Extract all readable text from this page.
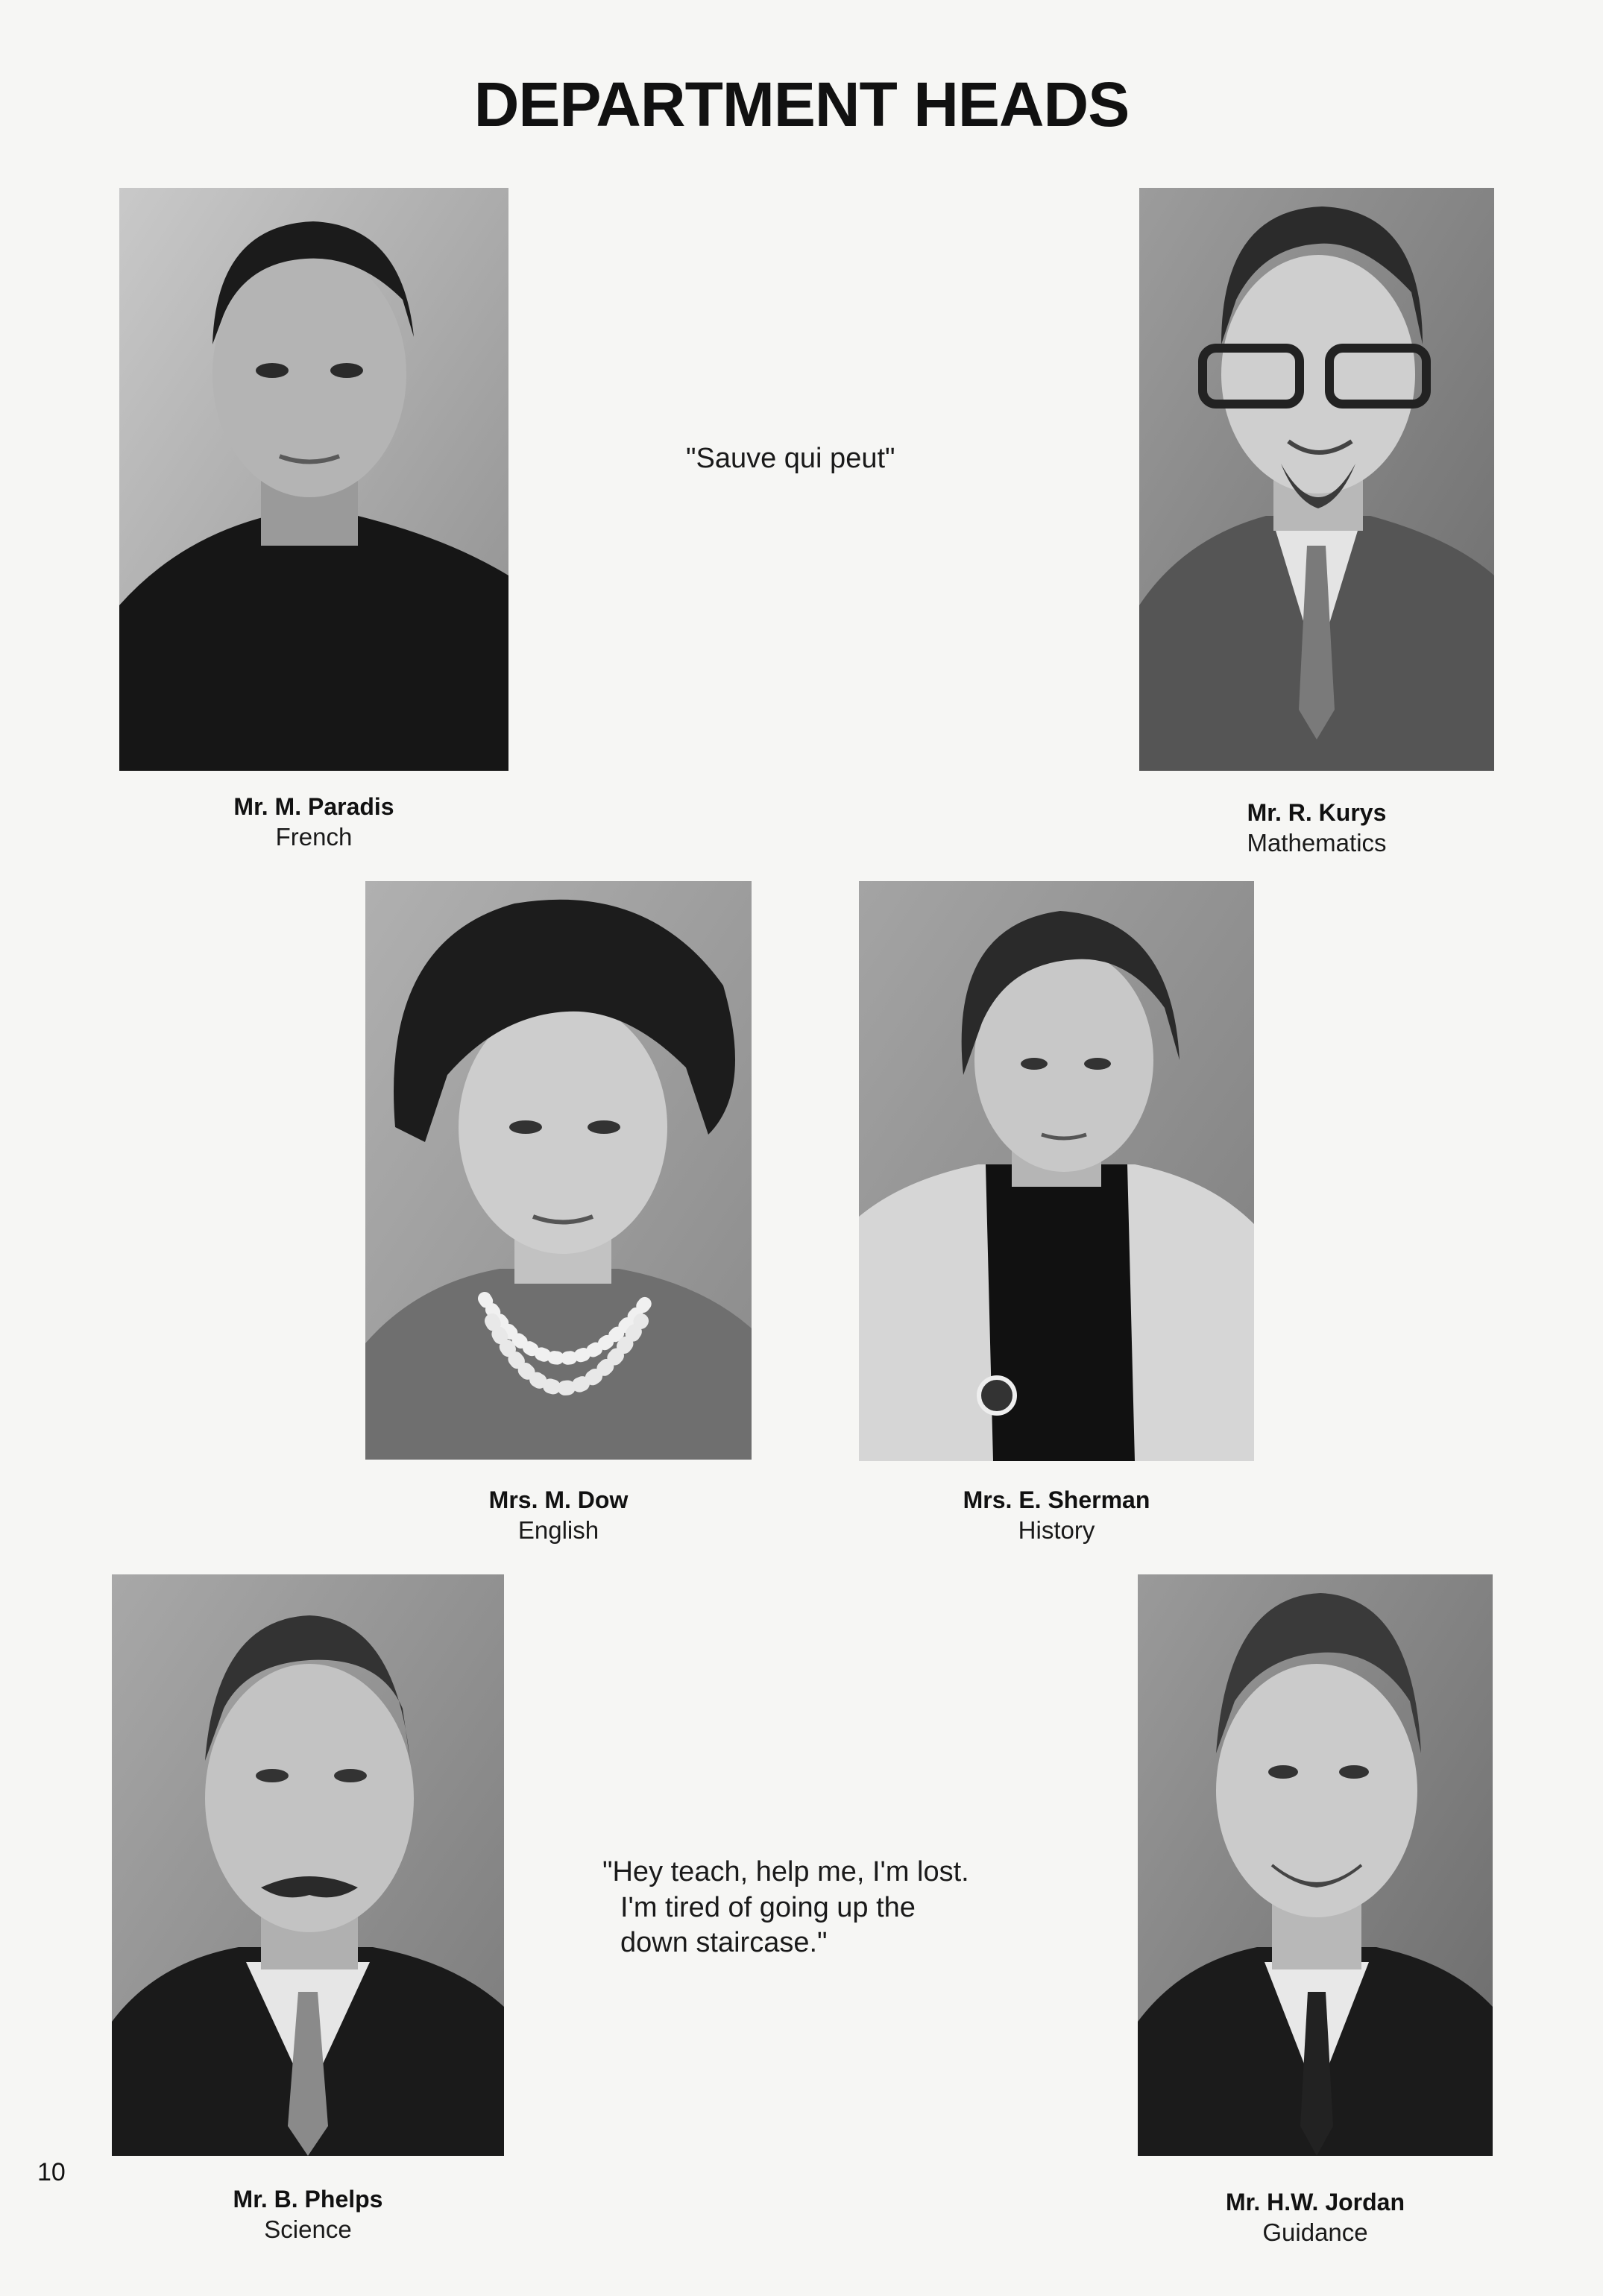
DEPARTMENT HEADS
Mr. M. Paradis
French
Mr. R. Kurys
Mathematics
"Sauve qui peut"
Mrs. M. Dow
English
Mrs. E. Sherman
History
Mr. B. Phelps
Science
Mr. H.W. Jordan
Guidance
"Hey teach, help me, I'm lost.
I'm tired of going up the
down staircase."
10
